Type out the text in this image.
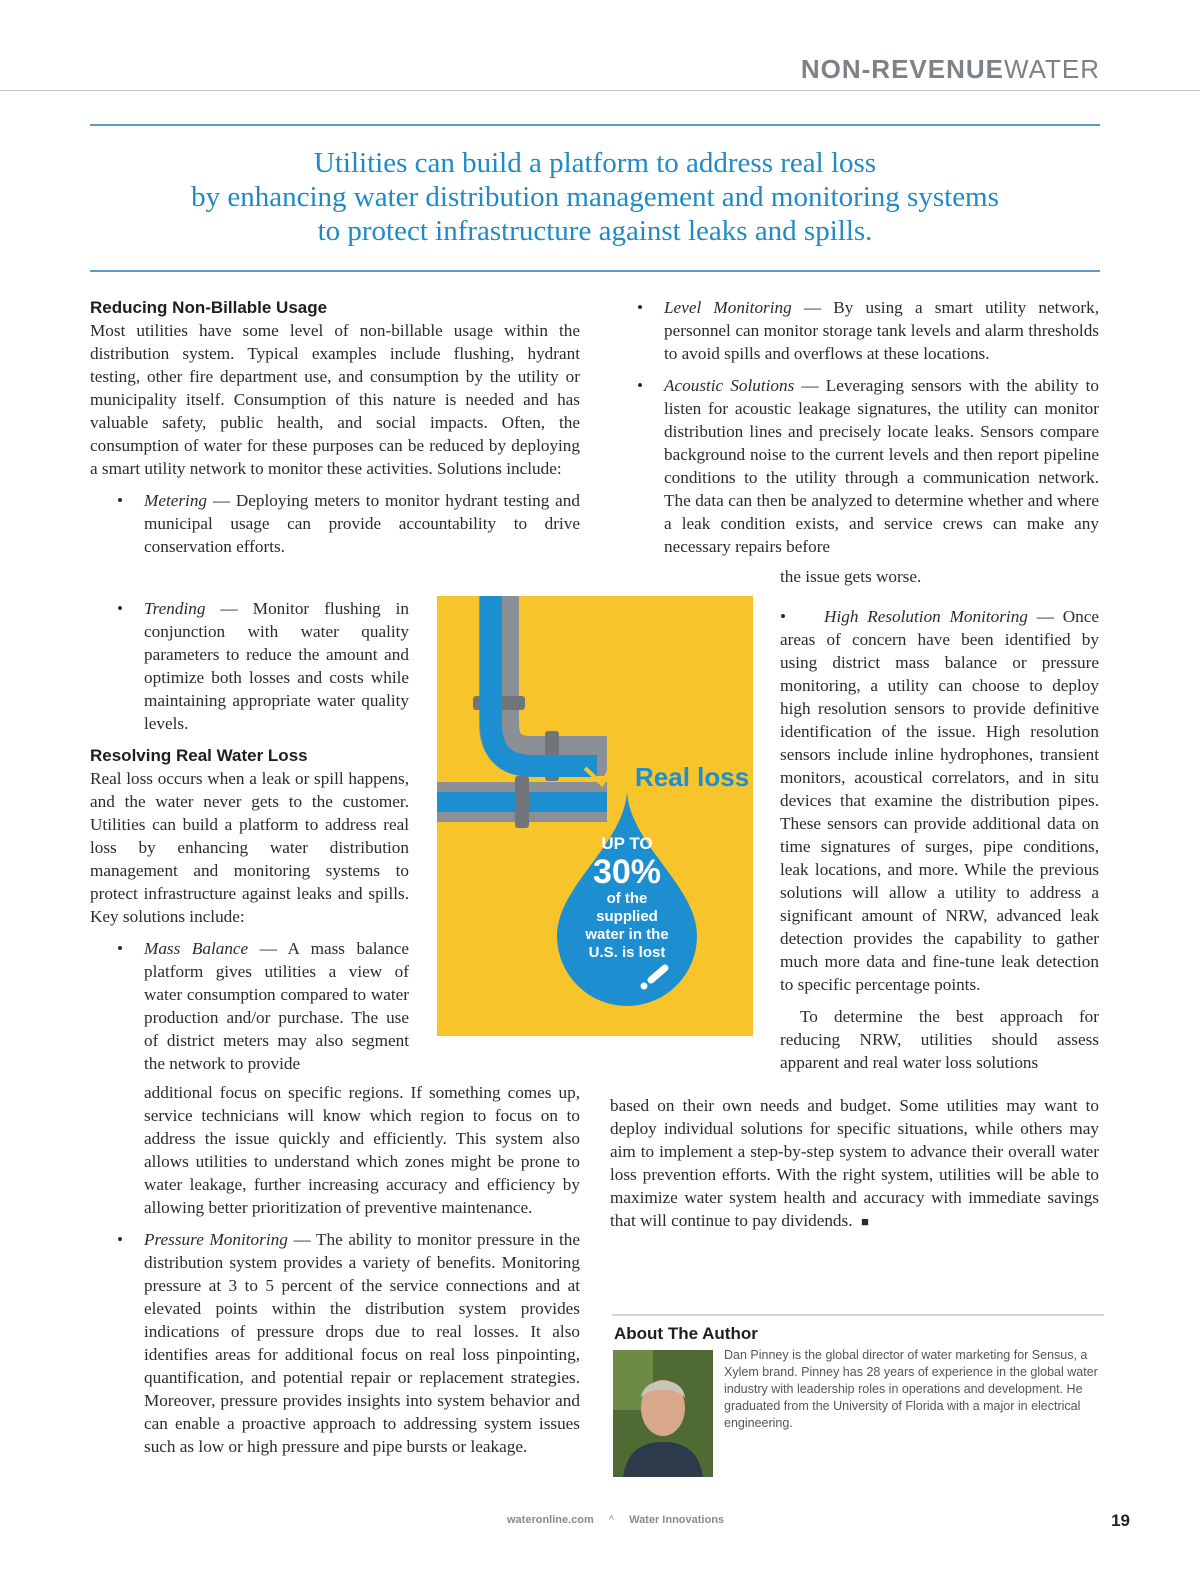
NON-REVENUEWATER
Utilities can build a platform to address real loss
by enhancing water distribution management and monitoring systems
to protect infrastructure against leaks and spills.

Reducing Non-Billable Usage

Most utilities have some level of non-billable usage within the distribution system. Typical examples include flushing, hydrant testing, other fire department use, and consumption by the utility or municipality itself. Consumption of this nature is needed and has valuable safety, public health, and social impacts. Often, the consumption of water for these purposes can be reduced by deploying a smart utility network to monitor these activities. Solutions include:

• Metering — Deploying meters to monitor hydrant testing and municipal usage can provide accountability to drive conservation efforts.

• Trending — Monitor flushing in conjunction with water quality parameters to reduce the amount and optimize both losses and costs while maintaining appropriate water quality levels.

Resolving Real Water Loss

Real loss occurs when a leak or spill happens, and the water never gets to the customer. Utilities can build a platform to address real loss by enhancing water distribution management and monitoring systems to protect infrastructure against leaks and spills. Key solutions include:

• Mass Balance — A mass balance platform gives utilities a view of water consumption compared to water production and/or purchase. The use of district meters may also segment the network to provide

additional focus on specific regions. If something comes up, service technicians will know which region to focus on to address the issue quickly and efficiently. This system also allows utilities to understand which zones might be prone to water leakage, further increasing accuracy and efficiency by allowing better prioritization of preventive maintenance.

• Pressure Monitoring — The ability to monitor pressure in the distribution system provides a variety of benefits. Monitoring pressure at 3 to 5 percent of the service connections and at elevated points within the distribution system provides indications of pressure drops due to real losses. It also identifies areas for additional focus on real loss pinpointing, quantification, and potential repair or replacement strategies. Moreover, pressure provides insights into system behavior and can enable a proactive approach to addressing system issues such as low or high pressure and pipe bursts or leakage.

• Level Monitoring — By using a smart utility network, personnel can monitor storage tank levels and alarm thresholds to avoid spills and overflows at these locations.

• Acoustic Solutions — Leveraging sensors with the ability to listen for acoustic leakage signatures, the utility can monitor distribution lines and precisely locate leaks. Sensors compare background noise to the current levels and then report pipeline conditions to the utility through a communication network. The data can then be analyzed to determine whether and where a leak condition exists, and service crews can make any necessary repairs before

the issue gets worse.

• High Resolution Monitoring — Once areas of concern have been identified by using district mass balance or pressure monitoring, a utility can choose to deploy high resolution sensors to provide definitive identification of the issue. High resolution sensors include inline hydrophones, transient monitors, acoustical correlators, and in situ devices that examine the distribution pipes. These sensors can provide additional data on time signatures of surges, pipe conditions, leak locations, and more. While the previous solutions will allow a utility to address a significant amount of NRW, advanced leak detection provides the capability to gather much more data and fine-tune leak detection to specific percentage points.

To determine the best approach for reducing NRW, utilities should assess apparent and real water loss solutions

based on their own needs and budget. Some utilities may want to deploy individual solutions for specific situations, while others may aim to implement a step-by-step system to advance their overall water loss prevention efforts. With the right system, utilities will be able to maximize water system health and accuracy with immediate savings that will continue to pay dividends. ■

Real loss
UP TO
30%
of the
supplied
water in the
U.S. is lost
About The Author
Dan Pinney is the global director of water marketing for Sensus, a Xylem brand. Pinney has 28 years of experience in the global water industry with leadership roles in operations and development. He graduated from the University of Florida with a major in electrical engineering.
wateronline.com ^ Water Innovations	19
